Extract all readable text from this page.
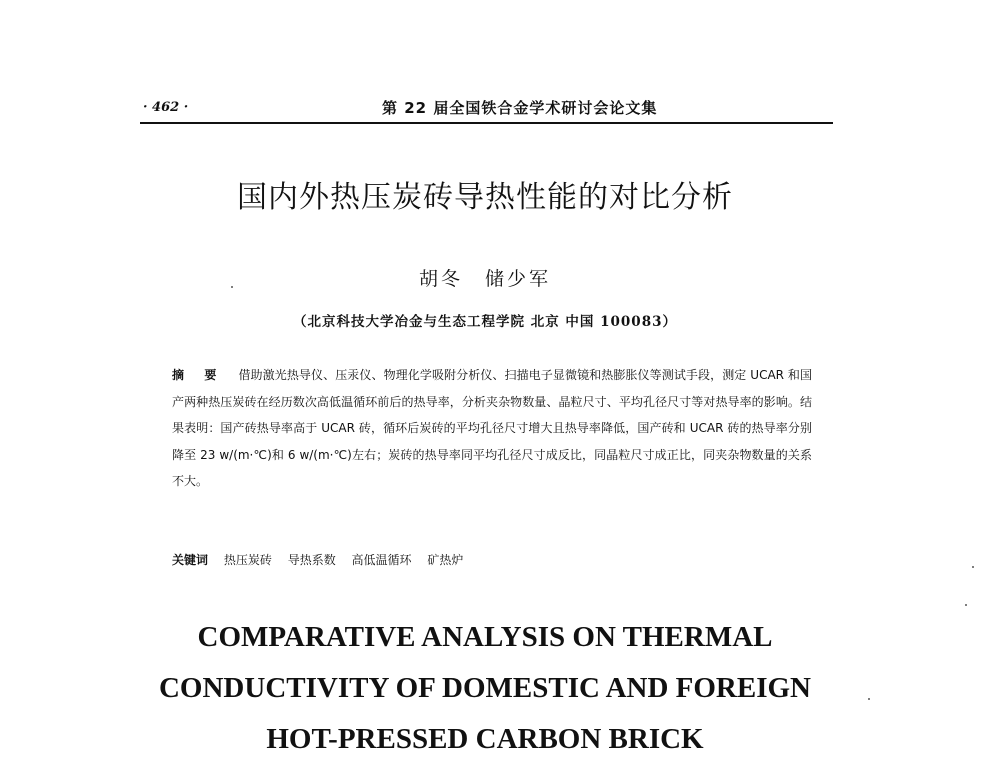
· 462 ·	第 22 届全国铁合金学术研讨会论文集
国内外热压炭砖导热性能的对比分析
胡冬　储少军
（北京科技大学冶金与生态工程学院 北京 中国 100083）
摘 要 借助激光热导仪、压汞仪、物理化学吸附分析仪、扫描电子显微镜和热膨胀仪等测试手段，测定 UCAR 和国产两种热压炭砖在经历数次高低温循环前后的热导率，分析夹杂物数量、晶粒尺寸、平均孔径尺寸等对热导率的影响。结果表明：国产砖热导率高于 UCAR 砖，循环后炭砖的平均孔径尺寸增大且热导率降低，国产砖和 UCAR 砖的热导率分别降至 23 w/(m·℃)和 6 w/(m·℃)左右；炭砖的热导率同平均孔径尺寸成反比，同晶粒尺寸成正比，同夹杂物数量的关系不大。
关键词 热压炭砖 导热系数 高低温循环 矿热炉
COMPARATIVE ANALYSIS ON THERMAL
CONDUCTIVITY OF DOMESTIC AND FOREIGN
HOT-PRESSED CARBON BRICK
